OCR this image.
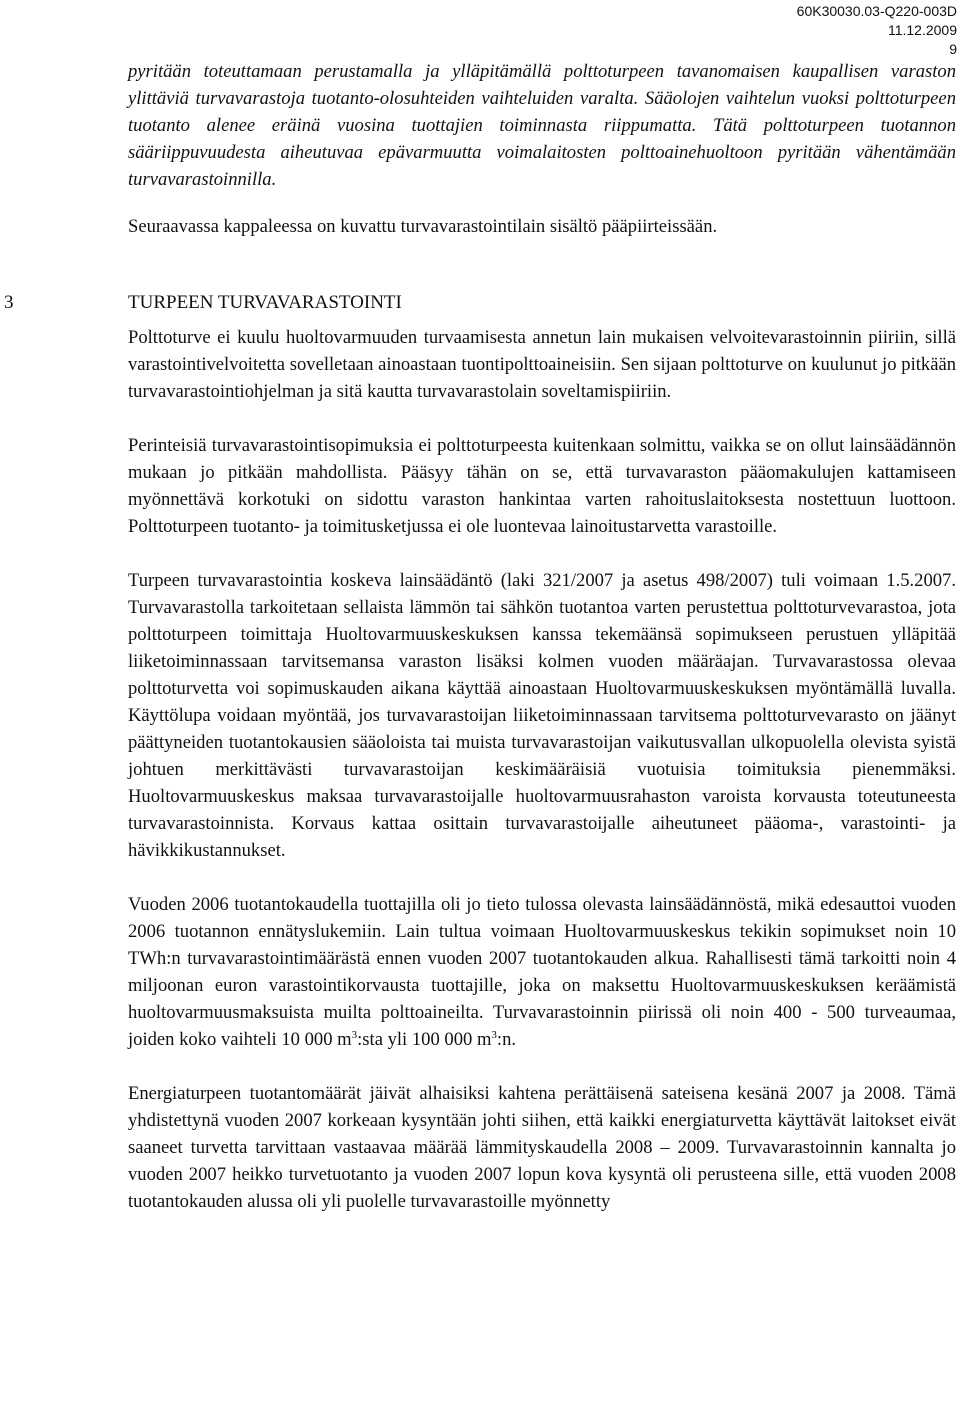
60K30030.03-Q220-003D
11.12.2009
9

pyritään toteuttamaan perustamalla ja ylläpitämällä polttoturpeen tavanomaisen kaupallisen varaston ylittäviä turvavarastoja tuotanto-olosuhteiden vaihteluiden varalta. Sääolojen vaihtelun vuoksi polttoturpeen tuotanto alenee eräinä vuosina tuottajien toiminnasta riippumatta. Tätä polttoturpeen tuotannon sääriippuvuudesta aiheutuvaa epävarmuutta voimalaitosten polttoainehuoltoon pyritään vähentämään turvavarastoinnilla.

Seuraavassa kappaleessa on kuvattu turvavarastointilain sisältö pääpiirteissään.

3	TURPEEN TURVAVARASTOINTI

Polttoturve ei kuulu huoltovarmuuden turvaamisesta annetun lain mukaisen velvoitevarastoinnin piiriin, sillä varastointivelvoitetta sovelletaan ainoastaan tuontipolttoaineisiin. Sen sijaan polttoturve on kuulunut jo pitkään turvavarastointiohjelman ja sitä kautta turvavarastolain soveltamispiiriin.

Perinteisiä turvavarastointisopimuksia ei polttoturpeesta kuitenkaan solmittu, vaikka se on ollut lainsäädännön mukaan jo pitkään mahdollista. Pääsyy tähän on se, että turvavaraston pääomakulujen kattamiseen myönnettävä korkotuki on sidottu varaston hankintaa varten rahoituslaitoksesta nostettuun luottoon. Polttoturpeen tuotanto- ja toimitusketjussa ei ole luontevaa lainoitustarvetta varastoille.

Turpeen turvavarastointia koskeva lainsäädäntö (laki 321/2007 ja asetus 498/2007) tuli voimaan 1.5.2007. Turvavarastolla tarkoitetaan sellaista lämmön tai sähkön tuotantoa varten perustettua polttoturvevarastoa, jota polttoturpeen toimittaja Huoltovarmuuskeskuksen kanssa tekemäänsä sopimukseen perustuen ylläpitää liiketoiminnassaan tarvitsemansa varaston lisäksi kolmen vuoden määräajan. Turvavarastossa olevaa polttoturvetta voi sopimuskauden aikana käyttää ainoastaan Huoltovarmuuskeskuksen myöntämällä luvalla. Käyttölupa voidaan myöntää, jos turvavarastoijan liiketoiminnassaan tarvitsema polttoturvevarasto on jäänyt päättyneiden tuotantokausien sääoloista tai muista turvavarastoijan vaikutusvallan ulkopuolella olevista syistä johtuen merkittävästi turvavarastoijan keskimääräisiä vuotuisia toimituksia pienemmäksi. Huoltovarmuuskeskus maksaa turvavarastoijalle huoltovarmuusrahaston varoista korvausta toteutuneesta turvavarastoinnista. Korvaus kattaa osittain turvavarastoijalle aiheutuneet pääoma-, varastointi- ja hävikkikustannukset.

Vuoden 2006 tuotantokaudella tuottajilla oli jo tieto tulossa olevasta lainsäädännöstä, mikä edesauttoi vuoden 2006 tuotannon ennätyslukemiin. Lain tultua voimaan Huoltovarmuuskeskus tekikin sopimukset noin 10 TWh:n turvavarastointimäärästä ennen vuoden 2007 tuotantokauden alkua. Rahallisesti tämä tarkoitti noin 4 miljoonan euron varastointikorvausta tuottajille, joka on maksettu Huoltovarmuuskeskuksen keräämistä huoltovarmuusmaksuista muilta polttoaineilta. Turvavarastoinnin piirissä oli noin 400 - 500 turveaumaa, joiden koko vaihteli 10 000 $m^3:sta$ yli 100 000 $m^3:n$.

Energiaturpeen tuotantomäärät jäivät alhaisiksi kahtena perättäisenä sateisena kesänä 2007 ja 2008. Tämä yhdistettynä vuoden 2007 korkeaan kysyntään johti siihen, että kaikki energiaturvetta käyttävät laitokset eivät saaneet turvetta tarvittaan vastaavaa määrää lämmityskaudella 2008 – 2009. Turvavarastoinnin kannalta jo vuoden 2007 heikko turvetuotanto ja vuoden 2007 lopun kova kysyntä oli perusteena sille, että vuoden 2008 tuotantokauden alussa oli yli puolelle turvavarastoille myönnetty
